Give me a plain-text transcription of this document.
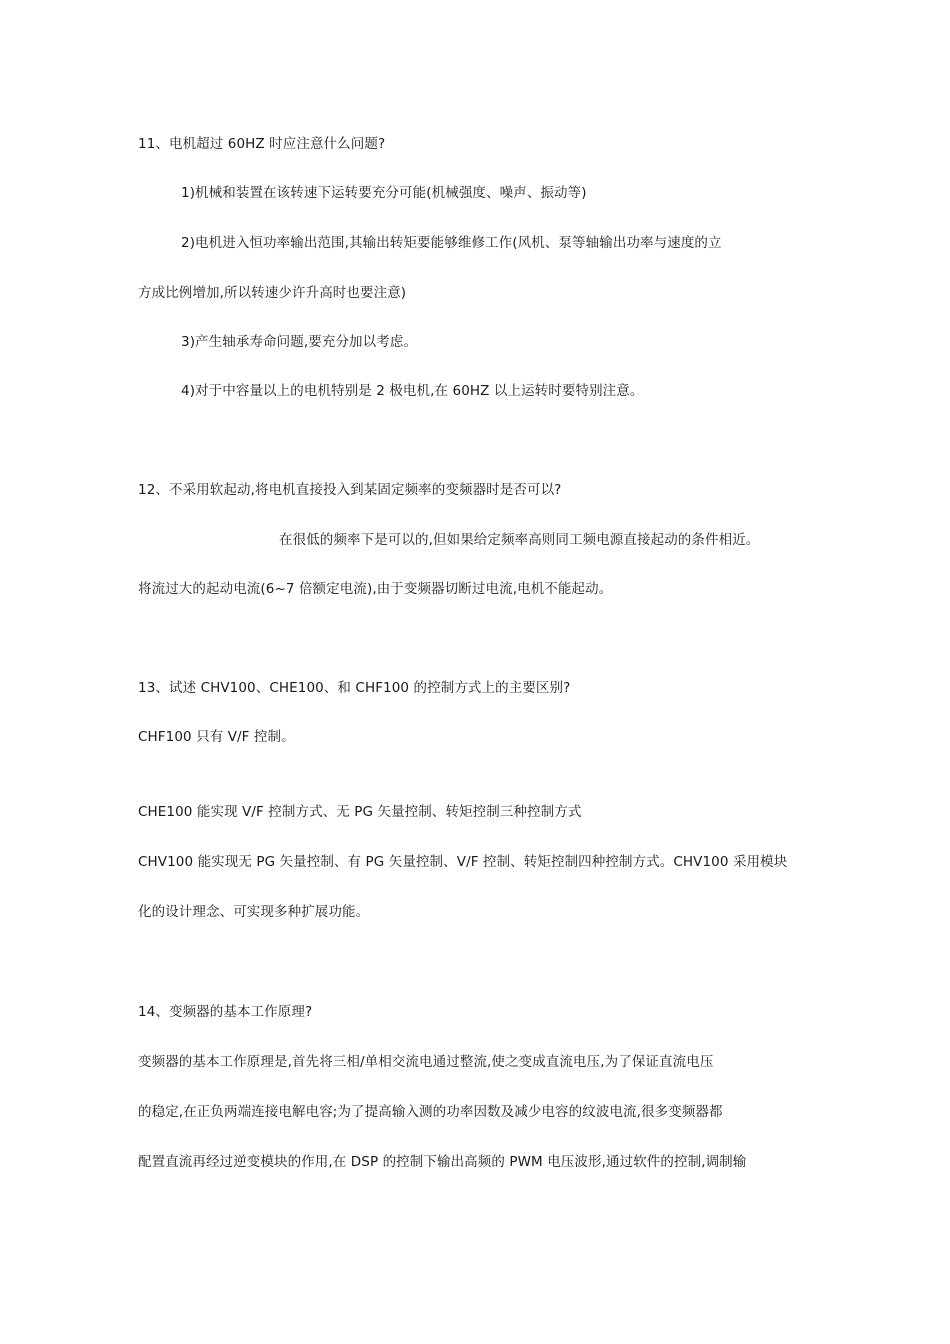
11、电机超过 60HZ 时应注意什么问题?
1)机械和装置在该转速下运转要充分可能(机械强度、噪声、振动等)
2)电机进入恒功率输出范围,其输出转矩要能够维修工作(风机、泵等轴输出功率与速度的立
方成比例增加,所以转速少许升高时也要注意)
3)产生轴承寿命问题,要充分加以考虑。
4)对于中容量以上的电机特别是 2 极电机,在 60HZ 以上运转时要特别注意。
12、不采用软起动,将电机直接投入到某固定频率的变频器时是否可以?
在很低的频率下是可以的,但如果给定频率高则同工频电源直接起动的条件相近。
将流过大的起动电流(6~7 倍额定电流),由于变频器切断过电流,电机不能起动。
13、试述 CHV100、CHE100、和 CHF100 的控制方式上的主要区别?
CHF100 只有 V/F 控制。
CHE100 能实现 V/F 控制方式、无 PG 矢量控制、转矩控制三种控制方式
CHV100 能实现无 PG 矢量控制、有 PG 矢量控制、V/F 控制、转矩控制四种控制方式。CHV100 采用模块
化的设计理念、可实现多种扩展功能。
14、变频器的基本工作原理?
变频器的基本工作原理是,首先将三相/单相交流电通过整流,使之变成直流电压,为了保证直流电压
的稳定,在正负两端连接电解电容;为了提高输入测的功率因数及减少电容的纹波电流,很多变频器都
配置直流再经过逆变模块的作用,在 DSP 的控制下输出高频的 PWM 电压波形,通过软件的控制,调制输
